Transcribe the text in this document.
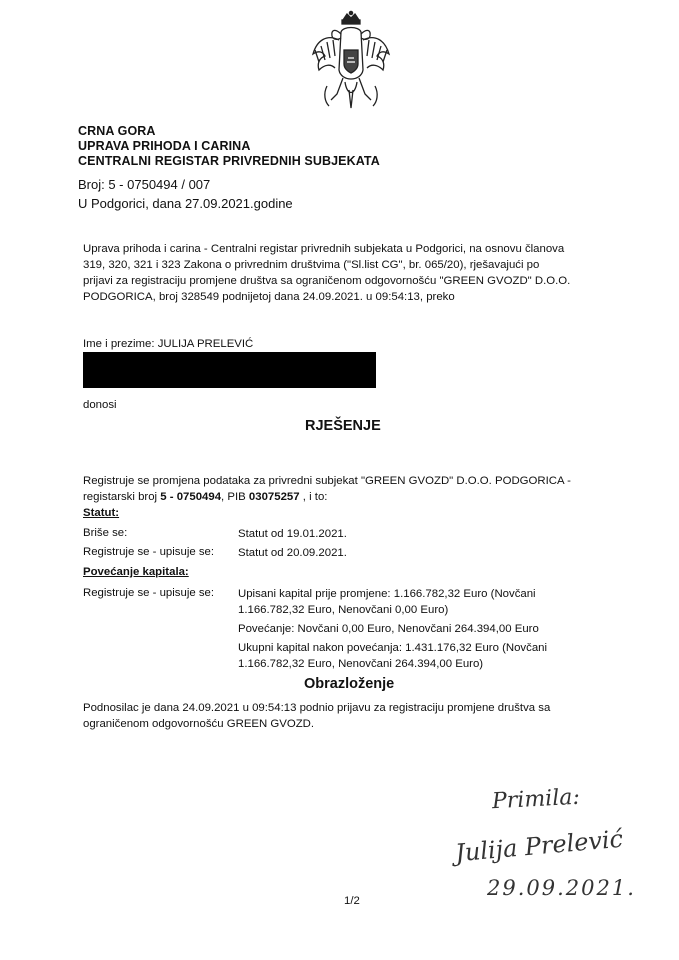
CRNA GORA
UPRAVA PRIHODA I CARINA
CENTRALNI REGISTAR PRIVREDNIH SUBJEKATA
Broj: 5 - 0750494 / 007
U Podgorici, dana 27.09.2021.godine
Uprava prihoda i carina - Centralni registar privrednih subjekata u Podgorici, na osnovu članova
319, 320, 321 i 323 Zakona o privrednim društvima ("Sl.list CG", br. 065/20), rješavajući po
prijavi za registraciju promjene društva sa ograničenom odgovornošću "GREEN GVOZD" D.O.O.
PODGORICA, broj 328549 podnijetoj dana 24.09.2021. u 09:54:13, preko
Ime i prezime: JULIJA PRELEVIĆ
donosi
RJEŠENJE
Registruje se promjena podataka za privredni subjekat "GREEN GVOZD" D.O.O. PODGORICA -
registarski broj 5 - 0750494, PIB 03075257 , i to:
Statut:
Briše se:	Statut od 19.01.2021.
Registruje se - upisuje se: Statut od 20.09.2021.
Povećanje kapitala:
Registruje se - upisuje se: Upisani kapital prije promjene: 1.166.782,32 Euro (Novčani
1.166.782,32 Euro, Nenovčani 0,00 Euro)
Povećanje: Novčani 0,00 Euro, Nenovčani 264.394,00 Euro
Ukupni kapital nakon povećanja: 1.431.176,32 Euro (Novčani
1.166.782,32 Euro, Nenovčani 264.394,00 Euro)
Obrazloženje
Podnosilac je dana 24.09.2021 u 09:54:13 podnio prijavu za registraciju promjene društva sa
ograničenom odgovornošću GREEN GVOZD.
Primila:
Julija Prelević
29.09.2021.
1/2
